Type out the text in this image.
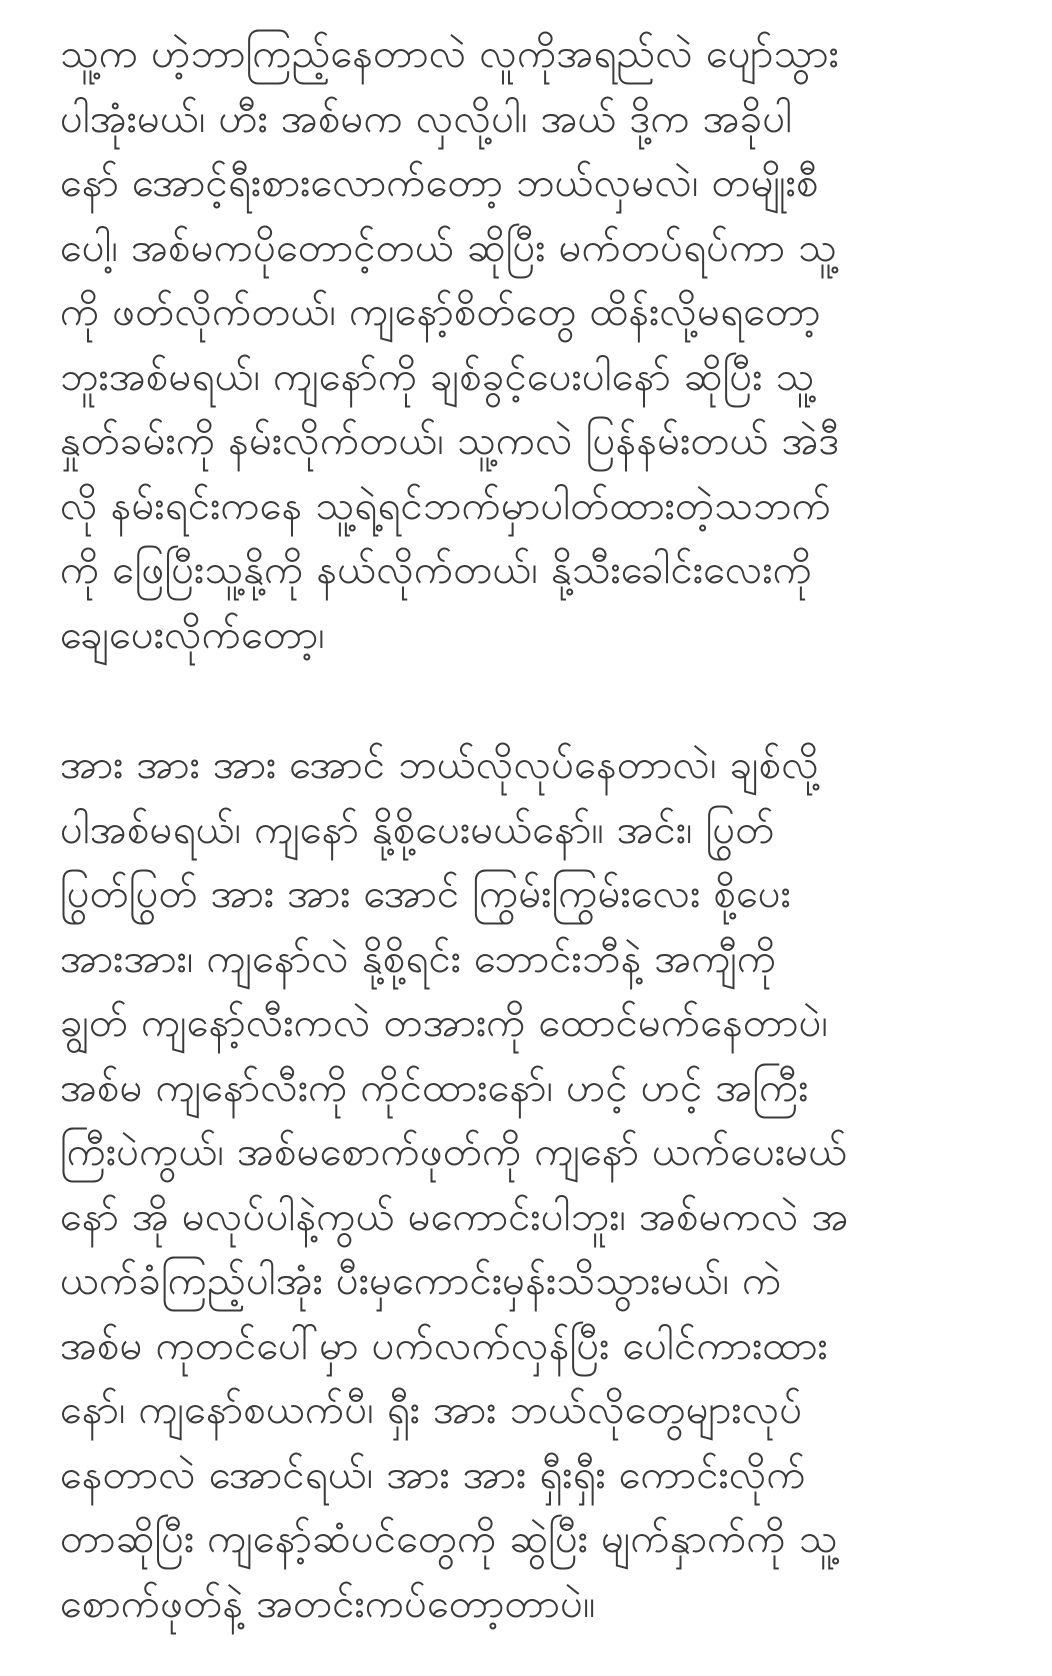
သူ့က ဟဲ့ဘာကြည့်နေတာလဲ လူကိုအရည်လဲ ပျော်သွား
ပါအုံးမယ်၊ ဟီး အစ်မက လှလို့ပါ၊ အယ် ဒို့က အခိုပါ
နော် အောင့်ရီးစားလောက်တော့ ဘယ်လှမလဲ၊ တမျိုးစီ
ပေါ့၊ အစ်မကပိုတောင့်တယ် ဆိုပြီး မက်တပ်ရပ်ကာ သူ့
ကို ဖတ်လိုက်တယ်၊ ကျနော့်စိတ်တွေ ထိန်းလို့မရတော့
ဘူးအစ်မရယ်၊ ကျနော်ကို ချစ်ခွင့်ပေးပါနော် ဆိုပြီး သူ့
နှုတ်ခမ်းကို နမ်းလိုက်တယ်၊ သူ့ကလဲ ပြန်နမ်းတယ် အဲဒီ
လို နမ်းရင်းကနေ သူ့ရဲ့ရင်ဘက်မှာပါတ်ထားတဲ့သဘက်
ကို ဖြေပြီးသူ့နို့ကို နယ်လိုက်တယ်၊ နို့သီးခေါင်းလေးကို
ချေပေးလိုက်တော့၊
အား အား အား အောင် ဘယ်လိုလုပ်နေတာလဲ၊ ချစ်လို့
ပါအစ်မရယ်၊ ကျနော် နို့စို့ပေးမယ်နော်။ အင်း၊ ပြွတ်
ပြွတ်ပြွတ် အား အား အောင် ကြွမ်းကြွမ်းလေး စို့ပေး
အားအား၊ ကျနော်လဲ နို့စို့ရင်း ဘောင်းဘီနဲ့ အကျီကို
ချွတ် ကျနော့်လီးကလဲ တအားကို ထောင်မက်နေတာပဲ၊
အစ်မ ကျနော်လီးကို ကိုင်ထားနော်၊ ဟင့် ဟင့် အကြီး
ကြီးပဲကွယ်၊ အစ်မစောက်ဖုတ်ကို ကျနော် ယက်ပေးမယ်
နော် အို မလုပ်ပါနဲ့ကွယ် မကောင်းပါဘူး၊ အစ်မကလဲ အ
ယက်ခံကြည့်ပါအုံး ပီးမှကောင်းမှန်းသိသွားမယ်၊ ကဲ
အစ်မ ကုတင်ပေါ်မှာ ပက်လက်လှန်ပြီး ပေါင်ကားထား
နော်၊ ကျနော်စယက်ပီ၊ ရှီး အား ဘယ်လိုတွေများလုပ်
နေတာလဲ အောင်ရယ်၊ အား အား ရှီးရှီး ကောင်းလိုက်
တာဆိုပြီး ကျနော့်ဆံပင်တွေကို ဆွဲပြီး မျက်နှာက်ကို သူ့
စောက်ဖုတ်နဲ့ အတင်းကပ်တော့တာပဲ။
